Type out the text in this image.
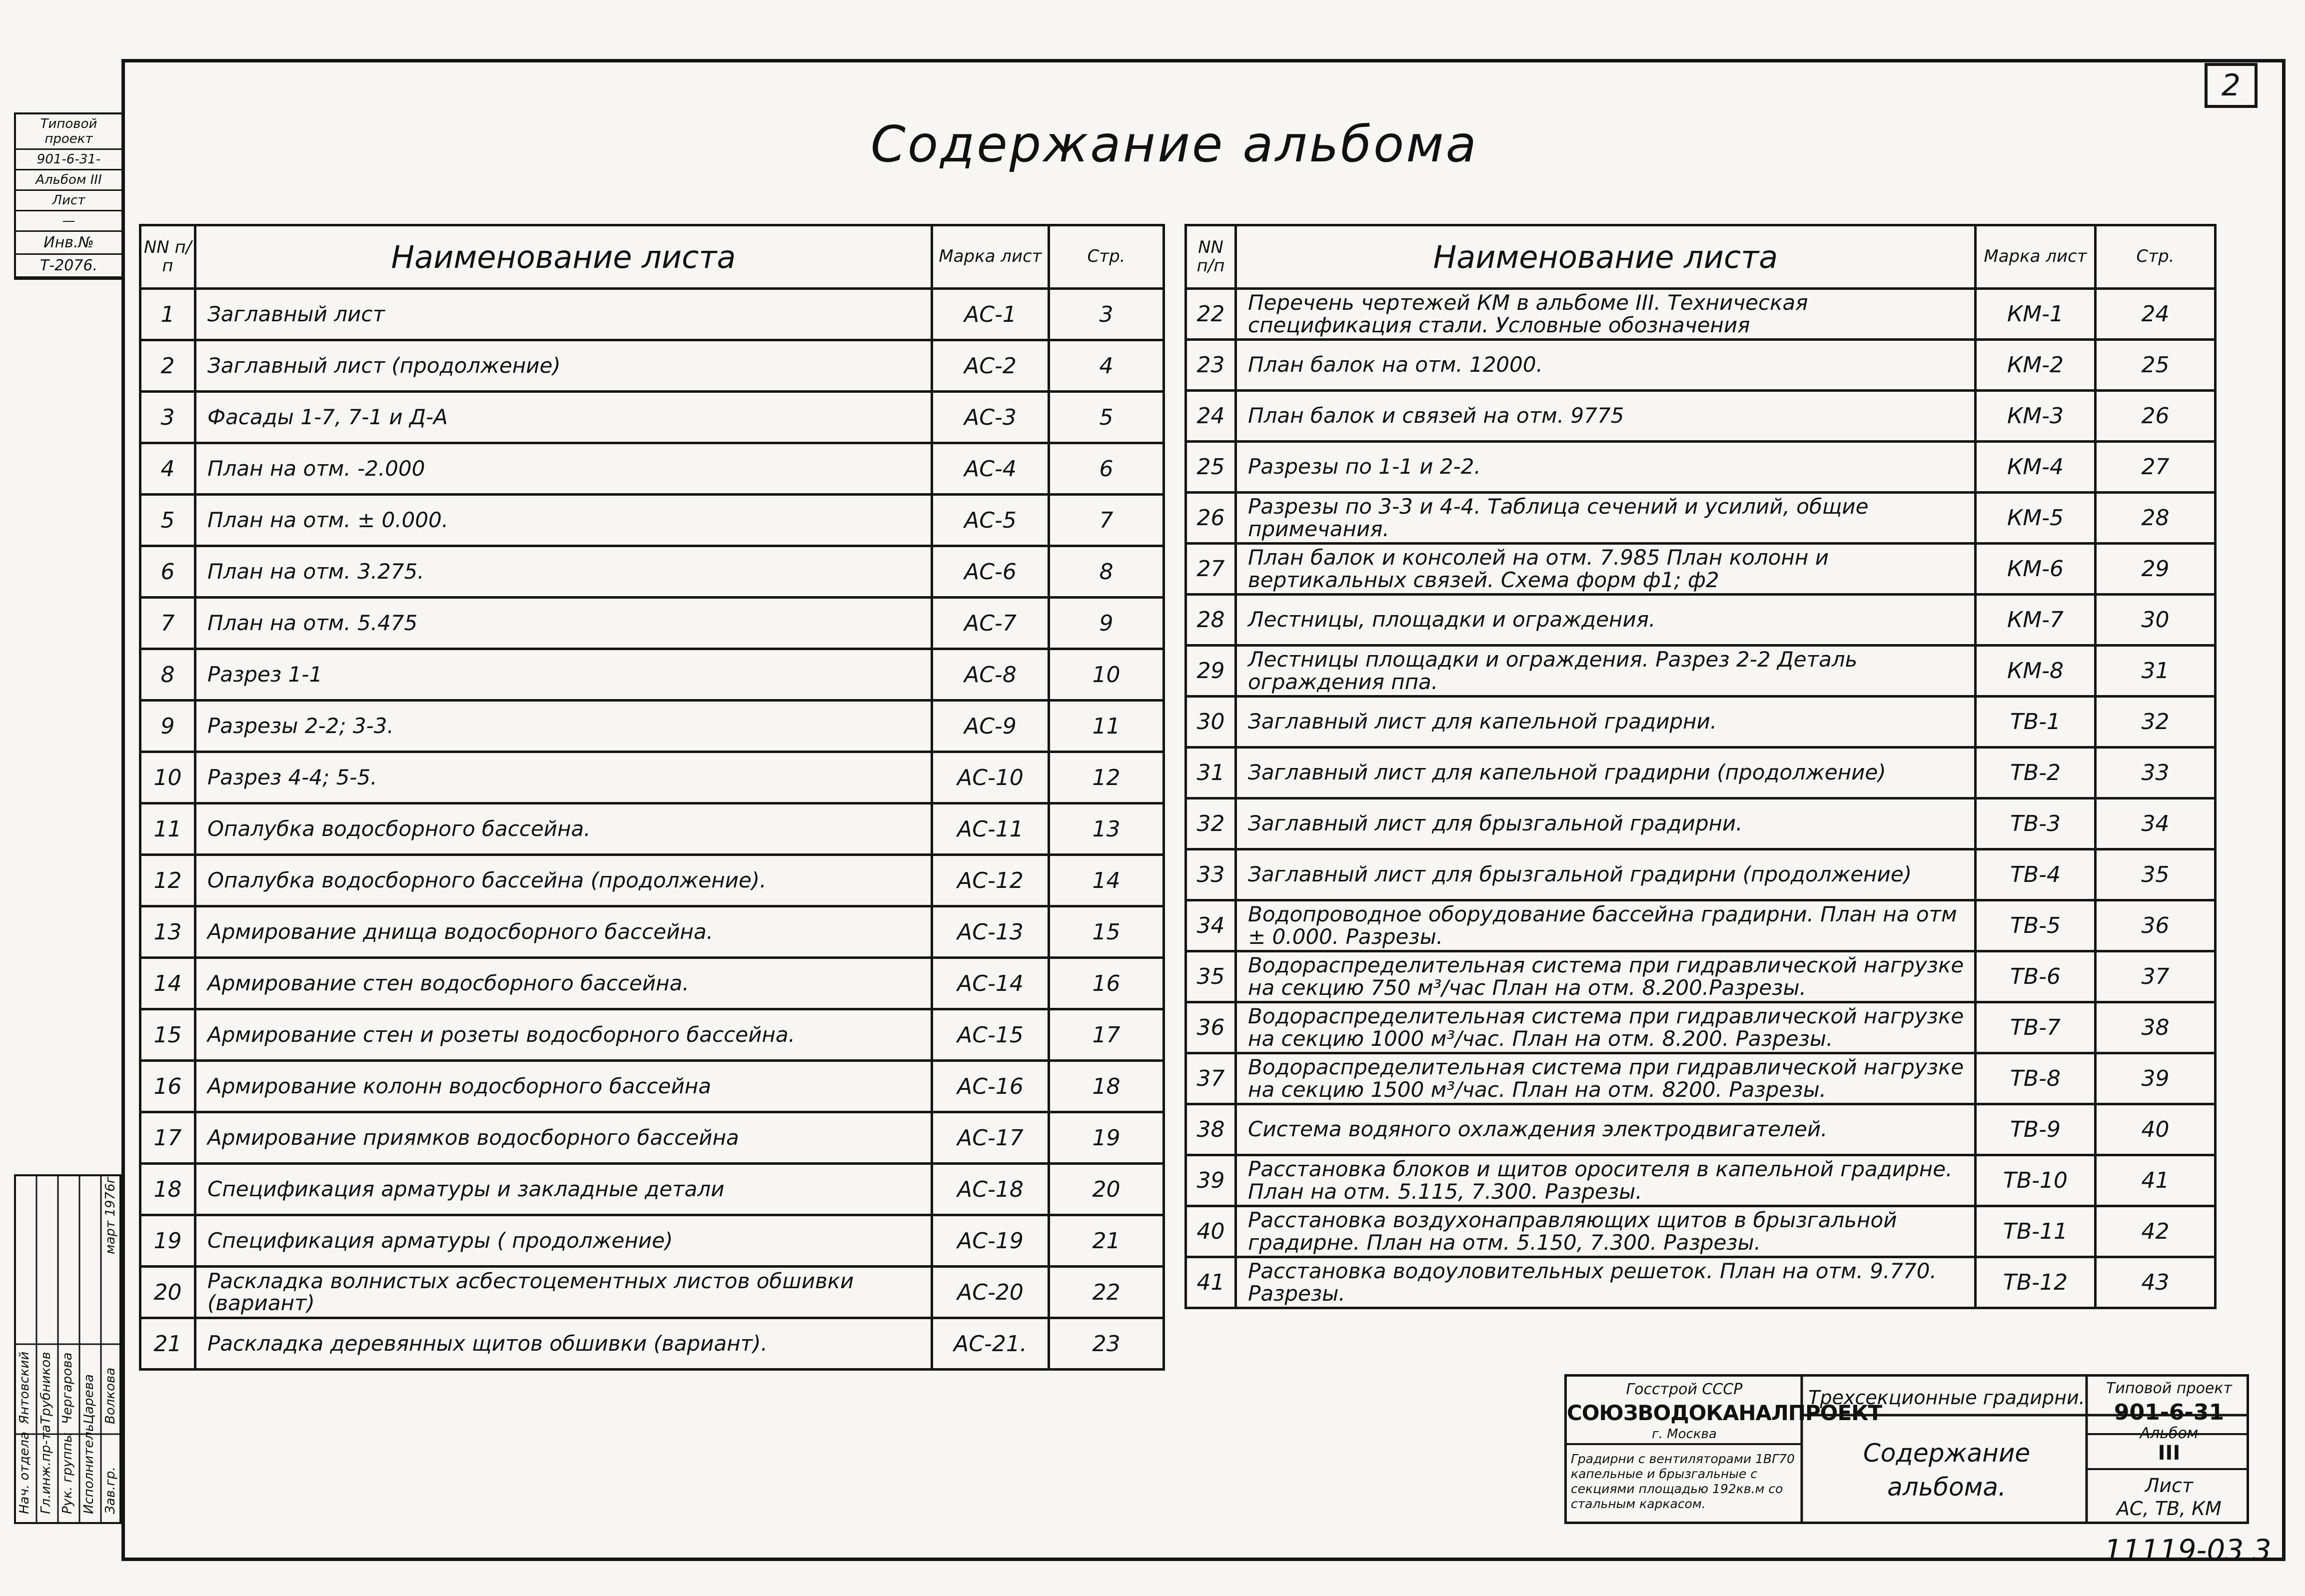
2
Содержание альбома
Типовой проект
901-6-31-
Альбом III
Лист
—
Инв.№
Т-2076.
NN п/п	Наименование листа	Марка лист	Стр.
1	Заглавный лист	АС-1	3
2	Заглавный лист (продолжение)	АС-2	4
3	Фасады 1-7, 7-1 и Д-А	АС-3	5
4	План на отм. -2.000	АС-4	6
5	План на отм. ± 0.000.	АС-5	7
6	План на отм. 3.275.	АС-6	8
7	План на отм. 5.475	АС-7	9
8	Разрез 1-1	АС-8	10
9	Разрезы 2-2; 3-3.	АС-9	11
10	Разрез 4-4; 5-5.	АС-10	12
11	Опалубка водосборного бассейна.	АС-11	13
12	Опалубка водосборного бассейна (продолжение).	АС-12	14
13	Армирование днища водосборного бассейна.	АС-13	15
14	Армирование стен водосборного бассейна.	АС-14	16
15	Армирование стен и розеты водосборного бассейна.	АС-15	17
16	Армирование колонн водосборного бассейна	АС-16	18
17	Армирование приямков водосборного бассейна	АС-17	19
18	Спецификация арматуры и закладные детали	АС-18	20
19	Спецификация арматуры ( продолжение)	АС-19	21
20	Раскладка волнистых асбестоцементных листов обшивки (вариант)	АС-20	22
21	Раскладка деревянных щитов обшивки (вариант).	АС-21.	23
NN п/п	Наименование листа	Марка лист	Стр.
22	Перечень чертежей КМ в альбоме III. Техническая спецификация стали. Условные обозначения	КМ-1	24
23	План балок на отм. 12000.	КМ-2	25
24	План балок и связей на отм. 9775	КМ-3	26
25	Разрезы по 1-1 и 2-2.	КМ-4	27
26	Разрезы по 3-3 и 4-4. Таблица сечений и усилий, общие примечания.	КМ-5	28
27	План балок и консолей на отм. 7.985 План колонн и вертикальных связей. Схема форм ф1; ф2	КМ-6	29
28	Лестницы, площадки и ограждения.	КМ-7	30
29	Лестницы площадки и ограждения. Разрез 2-2 Деталь ограждения ппа.	КМ-8	31
30	Заглавный лист для капельной градирни.	ТВ-1	32
31	Заглавный лист для капельной градирни (продолжение)	ТВ-2	33
32	Заглавный лист для брызгальной градирни.	ТВ-3	34
33	Заглавный лист для брызгальной градирни (продолжение)	ТВ-4	35
34	Водопроводное оборудование бассейна градирни. План на отм ± 0.000. Разрезы.	ТВ-5	36
35	Водораспределительная система при гидравлической нагрузке на секцию 750 м³/час План на отм. 8.200.Разрезы.	ТВ-6	37
36	Водораспределительная система при гидравлической нагрузке на секцию 1000 м³/час. План на отм. 8.200. Разрезы.	ТВ-7	38
37	Водораспределительная система при гидравлической нагрузке на секцию 1500 м³/час. План на отм. 8200. Разрезы.	ТВ-8	39
38	Система водяного охлаждения электродвигателей.	ТВ-9	40
39	Расстановка блоков и щитов оросителя в капельной градирне. План на отм. 5.115, 7.300. Разрезы.	ТВ-10	41
40	Расстановка воздухонаправляющих щитов в брызгальной градирне. План на отм. 5.150, 7.300. Разрезы.	ТВ-11	42
41	Расстановка водоуловительных решеток. План на отм. 9.770. Разрезы.	ТВ-12	43
Нач. отдела Гл.инж.пр-та Рук. группы Исполнитель Зав.гр.
Янтовский Трубников Чергарова Царева Волкова
март 1976г.
Госстрой СССР
СОЮЗВОДОКАНАЛПРОЕКТ
г. Москва
Градирни с вентиляторами 1ВГ70 капельные и брызгальные с секциями площадью 192кв.м со стальным каркасом.
Трехсекционные градирни.
Содержание альбома.
Типовой проект
901-6-31
Альбом
III
Лист
АС, ТВ, КМ
11119-03 3
